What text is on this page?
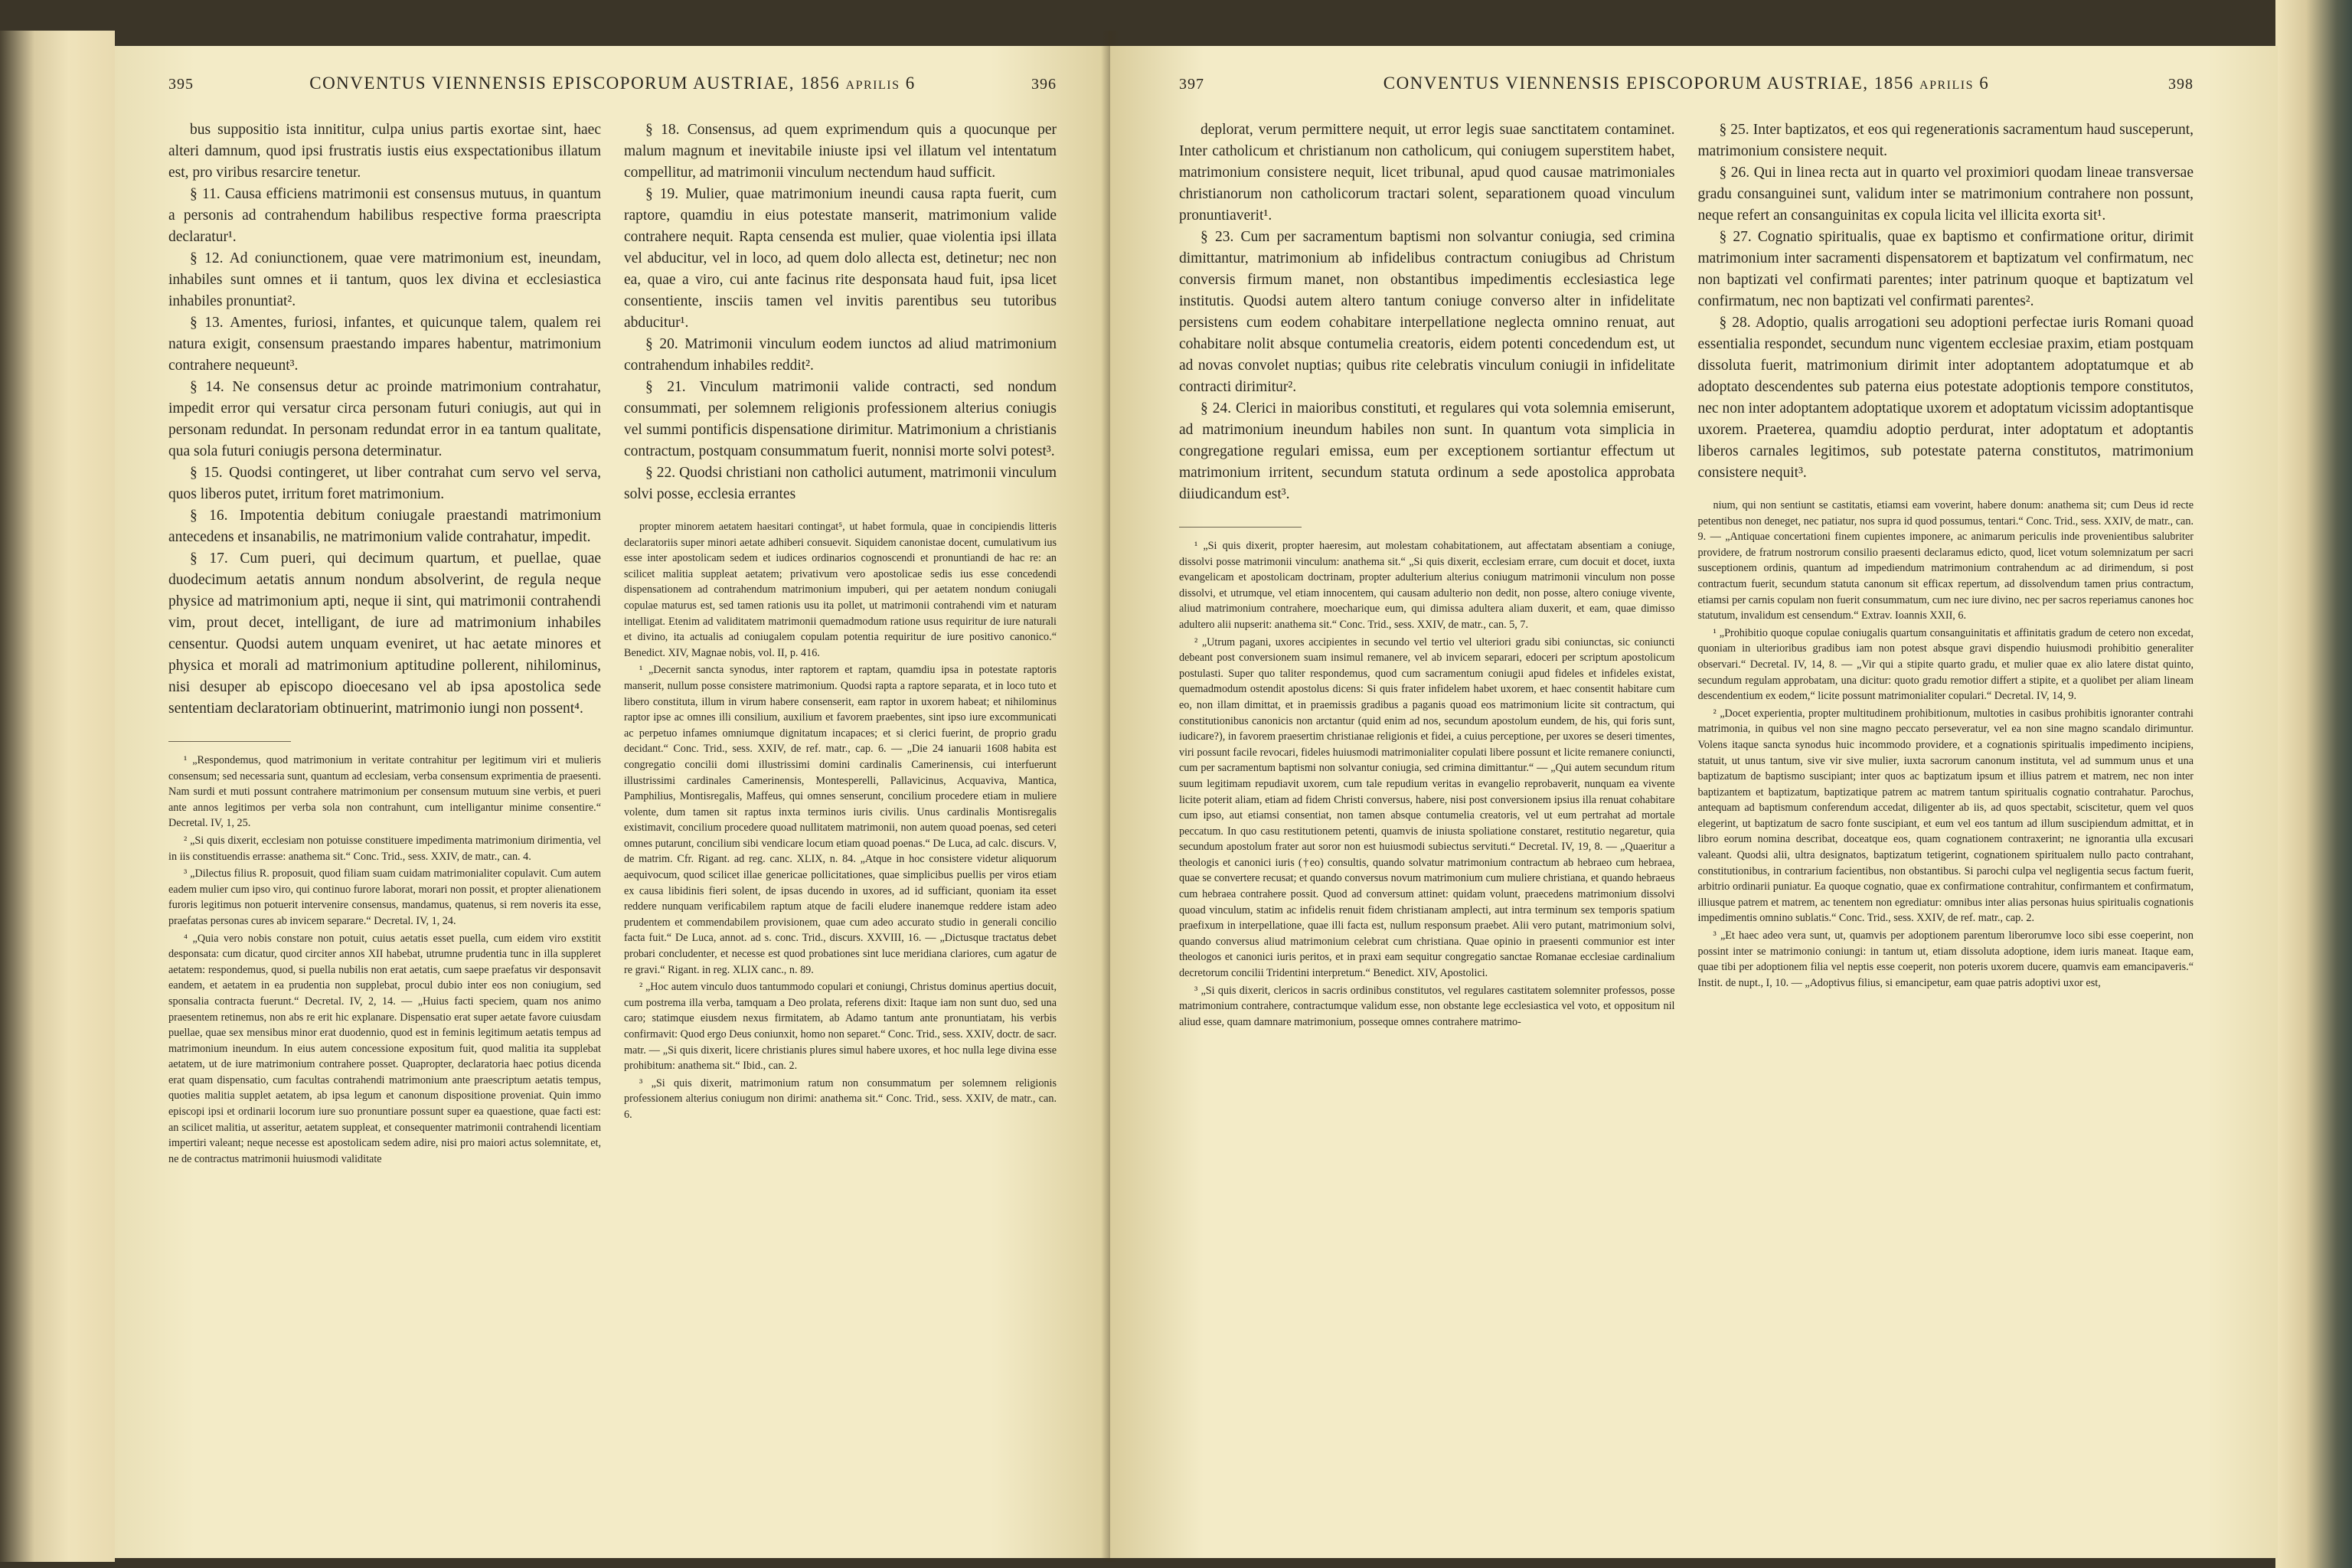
395	CONVENTUS VIENNENSIS EPISCOPORUM AUSTRIAE, 1856 aprilis 6	396

bus suppositio ista innititur, culpa unius partis exortae sint, haec alteri damnum, quod ipsi frustratis iustis eius exspectationibus illatum est, pro viribus resarcire tenetur.

§ 11. Causa efficiens matrimonii est consensus mutuus, in quantum a personis ad contrahendum habilibus respective forma praescripta declaratur¹.

§ 12. Ad coniunctionem, quae vere matrimonium est, ineundam, inhabiles sunt omnes et ii tantum, quos lex divina et ecclesiastica inhabiles pronuntiat².

§ 13. Amentes, furiosi, infantes, et quicunque talem, qualem rei natura exigit, consensum praestando impares habentur, matrimonium contrahere nequeunt³.

§ 14. Ne consensus detur ac proinde matrimonium contrahatur, impedit error qui versatur circa personam futuri coniugis, aut qui in personam redundat. In personam redundat error in ea tantum qualitate, qua sola futuri coniugis persona determinatur.

§ 15. Quodsi contingeret, ut liber contrahat cum servo vel serva, quos liberos putet, irritum foret matrimonium.

§ 16. Impotentia debitum coniugale praestandi matrimonium antecedens et insanabilis, ne matrimonium valide contrahatur, impedit.

§ 17. Cum pueri, qui decimum quartum, et puellae, quae duodecimum aetatis annum nondum absolverint, de regula neque physice ad matrimonium apti, neque ii sint, qui matrimonii contrahendi vim, prout decet, intelligant, de iure ad matrimonium inhabiles censentur. Quodsi autem unquam eveniret, ut hac aetate minores et physica et morali ad matrimonium aptitudine pollerent, nihilominus, nisi desuper ab episcopo dioecesano vel ab ipsa apostolica sede sententiam declaratoriam obtinuerint, matrimonio iungi non possent⁴.

¹ „Respondemus, quod matrimonium in veritate contrahitur per legitimum viri et mulieris consensum; sed necessaria sunt, quantum ad ecclesiam, verba consensum exprimentia de praesenti. Nam surdi et muti possunt contrahere matrimonium per consensum mutuum sine verbis, et pueri ante annos legitimos per verba sola non contrahunt, cum intelligantur minime consentire.“ Decretal. IV, 1, 25.

² „Si quis dixerit, ecclesiam non potuisse constituere impedimenta matrimonium dirimentia, vel in iis constituendis errasse: anathema sit.“ Conc. Trid., sess. XXIV, de matr., can. 4.

³ „Dilectus filius R. proposuit, quod filiam suam cuidam matrimonialiter copulavit. Cum autem eadem mulier cum ipso viro, qui continuo furore laborat, morari non possit, et propter alienationem furoris legitimus non potuerit intervenire consensus, mandamus, quatenus, si rem noveris ita esse, praefatas personas cures ab invicem separare.“ Decretal. IV, 1, 24.

⁴ „Quia vero nobis constare non potuit, cuius aetatis esset puella, cum eidem viro exstitit desponsata: cum dicatur, quod circiter annos XII habebat, utrumne prudentia tunc in illa suppleret aetatem: respondemus, quod, si puella nubilis non erat aetatis, cum saepe praefatus vir desponsavit eandem, et aetatem in ea prudentia non supplebat, procul dubio inter eos non coniugium, sed sponsalia contracta fuerunt.“ Decretal. IV, 2, 14. — „Huius facti speciem, quam nos animo praesentem retinemus, non abs re erit hic explanare. Dispensatio erat super aetate favore cuiusdam puellae, quae sex mensibus minor erat duodennio, quod est in feminis legitimum aetatis tempus ad matrimonium ineundum. In eius autem concessione expositum fuit, quod malitia ita supplebat aetatem, ut de iure matrimonium contrahere posset. Quapropter, declaratoria haec potius dicenda erat quam dispensatio, cum facultas contrahendi matrimonium ante praescriptum aetatis tempus, quoties malitia supplet aetatem, ab ipsa legum et canonum dispositione proveniat. Quin immo episcopi ipsi et ordinarii locorum iure suo pronuntiare possunt super ea quaestione, quae facti est: an scilicet malitia, ut asseritur, aetatem suppleat, et consequenter matrimonii contrahendi licentiam impertiri valeant; neque necesse est apostolicam sedem adire, nisi pro maiori actus solemnitate, et, ne de contractus matrimonii huiusmodi validitate

§ 18. Consensus, ad quem exprimendum quis a quocunque per malum magnum et inevitabile iniuste ipsi vel illatum vel intentatum compellitur, ad matrimonii vinculum nectendum haud sufficit.

§ 19. Mulier, quae matrimonium ineundi causa rapta fuerit, cum raptore, quamdiu in eius potestate manserit, matrimonium valide contrahere nequit. Rapta censenda est mulier, quae violentia ipsi illata vel abducitur, vel in loco, ad quem dolo allecta est, detinetur; nec non ea, quae a viro, cui ante facinus rite desponsata haud fuit, ipsa licet consentiente, insciis tamen vel invitis parentibus seu tutoribus abducitur¹.

§ 20. Matrimonii vinculum eodem iunctos ad aliud matrimonium contrahendum inhabiles reddit².

§ 21. Vinculum matrimonii valide contracti, sed nondum consummati, per solemnem religionis professionem alterius coniugis vel summi pontificis dispensatione dirimitur. Matrimonium a christianis contractum, postquam consummatum fuerit, nonnisi morte solvi potest³.

§ 22. Quodsi christiani non catholici autument, matrimonii vinculum solvi posse, ecclesia errantes

propter minorem aetatem haesitari contingat⁵, ut habet formula, quae in concipiendis litteris declaratoriis super minori aetate adhiberi consuevit. Siquidem canonistae docent, cumulativum ius esse inter apostolicam sedem et iudices ordinarios cognoscendi et pronuntiandi de hac re: an scilicet malitia suppleat aetatem; privativum vero apostolicae sedis ius esse concedendi dispensationem ad contrahendum matrimonium impuberi, qui per aetatem nondum coniugali copulae maturus est, sed tamen rationis usu ita pollet, ut matrimonii contrahendi vim et naturam intelligat. Etenim ad validitatem matrimonii quemadmodum ratione usus requiritur de iure naturali et divino, ita actualis ad coniugalem copulam potentia requiritur de iure positivo canonico.“ Benedict. XIV, Magnae nobis, vol. II, p. 416.

¹ „Decernit sancta synodus, inter raptorem et raptam, quamdiu ipsa in potestate raptoris manserit, nullum posse consistere matrimonium. Quodsi rapta a raptore separata, et in loco tuto et libero constituta, illum in virum habere consenserit, eam raptor in uxorem habeat; et nihilominus raptor ipse ac omnes illi consilium, auxilium et favorem praebentes, sint ipso iure excommunicati ac perpetuo infames omniumque dignitatum incapaces; et si clerici fuerint, de proprio gradu decidant.“ Conc. Trid., sess. XXIV, de ref. matr., cap. 6. — „Die 24 ianuarii 1608 habita est congregatio concilii domi illustrissimi domini cardinalis Camerinensis, cui interfuerunt illustrissimi cardinales Camerinensis, Montesperelli, Pallavicinus, Acquaviva, Mantica, Pamphilius, Montisregalis, Maffeus, qui omnes senserunt, concilium procedere etiam in muliere volente, dum tamen sit raptus inxta terminos iuris civilis. Unus cardinalis Montisregalis existimavit, concilium procedere quoad nullitatem matrimonii, non autem quoad poenas, sed ceteri omnes putarunt, concilium sibi vendicare locum etiam quoad poenas.“ De Luca, ad calc. discurs. V, de matrim. Cfr. Rigant. ad reg. canc. XLIX, n. 84. „Atque in hoc consistere videtur aliquorum aequivocum, quod scilicet illae genericae pollicitationes, quae simplicibus puellis per viros etiam ex causa libidinis fieri solent, de ipsas ducendo in uxores, ad id sufficiant, quoniam ita esset reddere nunquam verificabilem raptum atque de facili eludere inanemque reddere istam adeo prudentem et commendabilem provisionem, quae cum adeo accurato studio in generali concilio facta fuit.“ De Luca, annot. ad s. conc. Trid., discurs. XXVIII, 16. — „Dictusque tractatus debet probari concludenter, et necesse est quod probationes sint luce meridiana clariores, cum agatur de re gravi.“ Rigant. in reg. XLIX canc., n. 89.

² „Hoc autem vinculo duos tantummodo copulari et coniungi, Christus dominus apertius docuit, cum postrema illa verba, tamquam a Deo prolata, referens dixit: Itaque iam non sunt duo, sed una caro; statimque eiusdem nexus firmitatem, ab Adamo tantum ante pronuntiatam, his verbis confirmavit: Quod ergo Deus coniunxit, homo non separet.“ Conc. Trid., sess. XXIV, doctr. de sacr. matr. — „Si quis dixerit, licere christianis plures simul habere uxores, et hoc nulla lege divina esse prohibitum: anathema sit.“ Ibid., can. 2.

³ „Si quis dixerit, matrimonium ratum non consummatum per solemnem religionis professionem alterius coniugum non dirimi: anathema sit.“ Conc. Trid., sess. XXIV, de matr., can. 6.

397	CONVENTUS VIENNENSIS EPISCOPORUM AUSTRIAE, 1856 aprilis 6	398

deplorat, verum permittere nequit, ut error legis suae sanctitatem contaminet. Inter catholicum et christianum non catholicum, qui coniugem superstitem habet, matrimonium consistere nequit, licet tribunal, apud quod causae matrimoniales christianorum non catholicorum tractari solent, separationem quoad vinculum pronuntiaverit¹.

§ 23. Cum per sacramentum baptismi non solvantur coniugia, sed crimina dimittantur, matrimonium ab infidelibus contractum coniugibus ad Christum conversis firmum manet, non obstantibus impedimentis ecclesiastica lege institutis. Quodsi autem altero tantum coniuge converso alter in infidelitate persistens cum eodem cohabitare interpellatione neglecta omnino renuat, aut cohabitare nolit absque contumelia creatoris, eidem potenti concedendum est, ut ad novas convolet nuptias; quibus rite celebratis vinculum coniugii in infidelitate contracti dirimitur².

§ 24. Clerici in maioribus constituti, et regulares qui vota solemnia emiserunt, ad matrimonium ineundum habiles non sunt. In quantum vota simplicia in congregatione regulari emissa, eum per exceptionem sortiantur effectum ut matrimonium irritent, secundum statuta ordinum a sede apostolica approbata diiudicandum est³.

¹ „Si quis dixerit, propter haeresim, aut molestam cohabitationem, aut affectatam absentiam a coniuge, dissolvi posse matrimonii vinculum: anathema sit.“ „Si quis dixerit, ecclesiam errare, cum docuit et docet, iuxta evangelicam et apostolicam doctrinam, propter adulterium alterius coniugum matrimonii vinculum non posse dissolvi, et utrumque, vel etiam innocentem, qui causam adulterio non dedit, non posse, altero coniuge vivente, aliud matrimonium contrahere, moecharique eum, qui dimissa adultera aliam duxerit, et eam, quae dimisso adultero alii nupserit: anathema sit.“ Conc. Trid., sess. XXIV, de matr., can. 5, 7.

² „Utrum pagani, uxores accipientes in secundo vel tertio vel ulteriori gradu sibi coniunctas, sic coniuncti debeant post conversionem suam insimul remanere, vel ab invicem separari, edoceri per scriptum apostolicum postulasti. Super quo taliter respondemus, quod cum sacramentum coniugii apud fideles et infideles existat, quemadmodum ostendit apostolus dicens: Si quis frater infidelem habet uxorem, et haec consentit habitare cum eo, non illam dimittat, et in praemissis gradibus a paganis quoad eos matrimonium licite sit contractum, qui constitutionibus canonicis non arctantur (quid enim ad nos, secundum apostolum eundem, de his, qui foris sunt, iudicare?), in favorem praesertim christianae religionis et fidei, a cuius perceptione, per uxores se deseri timentes, viri possunt facile revocari, fideles huiusmodi matrimonialiter copulati libere possunt et licite remanere coniuncti, cum per sacramentum baptismi non solvantur coniugia, sed crimina dimittantur.“ — „Qui autem secundum ritum suum legitimam repudiavit uxorem, cum tale repudium veritas in evangelio reprobaverit, nunquam ea vivente licite poterit aliam, etiam ad fidem Christi conversus, habere, nisi post conversionem ipsius illa renuat cohabitare cum ipso, aut etiamsi consentiat, non tamen absque contumelia creatoris, vel ut eum pertrahat ad mortale peccatum. In quo casu restitutionem petenti, quamvis de iniusta spoliatione constaret, restitutio negaretur, quia secundum apostolum frater aut soror non est huiusmodi subiectus servituti.“ Decretal. IV, 19, 8. — „Quaeritur a theologis et canonici iuris (†eo) consultis, quando solvatur matrimonium contractum ab hebraeo cum hebraea, quae se convertere recusat; et quando conversus novum matrimonium cum muliere christiana, et quando hebraeus cum hebraea contrahere possit. Quod ad conversum attinet: quidam volunt, praecedens matrimonium dissolvi quoad vinculum, statim ac infidelis renuit fidem christianam amplecti, aut intra terminum sex temporis spatium praefixum in interpellatione, quae illi facta est, nullum responsum praebet. Alii vero putant, matrimonium solvi, quando conversus aliud matrimonium celebrat cum christiana. Quae opinio in praesenti communior est inter theologos et canonici iuris peritos, et in praxi eam sequitur congregatio sanctae Romanae ecclesiae cardinalium decretorum concilii Tridentini interpretum.“ Benedict. XIV, Apostolici.

³ „Si quis dixerit, clericos in sacris ordinibus constitutos, vel regulares castitatem solemniter professos, posse matrimonium contrahere, contractumque validum esse, non obstante lege ecclesiastica vel voto, et oppositum nil aliud esse, quam damnare matrimonium, posseque omnes contrahere matrimo-

§ 25. Inter baptizatos, et eos qui regenerationis sacramentum haud susceperunt, matrimonium consistere nequit.

§ 26. Qui in linea recta aut in quarto vel proximiori quodam lineae transversae gradu consanguinei sunt, validum inter se matrimonium contrahere non possunt, neque refert an consanguinitas ex copula licita vel illicita exorta sit¹.

§ 27. Cognatio spiritualis, quae ex baptismo et confirmatione oritur, dirimit matrimonium inter sacramenti dispensatorem et baptizatum vel confirmatum, nec non baptizati vel confirmati parentes; inter patrinum quoque et baptizatum vel confirmatum, nec non baptizati vel confirmati parentes².

§ 28. Adoptio, qualis arrogationi seu adoptioni perfectae iuris Romani quoad essentialia respondet, secundum nunc vigentem ecclesiae praxim, etiam postquam dissoluta fuerit, matrimonium dirimit inter adoptantem adoptatumque et ab adoptato descendentes sub paterna eius potestate adoptionis tempore constitutos, nec non inter adoptantem adoptatique uxorem et adoptatum vicissim adoptantisque uxorem. Praeterea, quamdiu adoptio perdurat, inter adoptatum et adoptantis liberos carnales legitimos, sub potestate paterna constitutos, matrimonium consistere nequit³.

nium, qui non sentiunt se castitatis, etiamsi eam voverint, habere donum: anathema sit; cum Deus id recte petentibus non deneget, nec patiatur, nos supra id quod possumus, tentari.“ Conc. Trid., sess. XXIV, de matr., can. 9. — „Antiquae concertationi finem cupientes imponere, ac animarum periculis inde provenientibus salubriter providere, de fratrum nostrorum consilio praesenti declaramus edicto, quod, licet votum solemnizatum per sacri susceptionem ordinis, quantum ad impediendum matrimonium contrahendum ac ad dirimendum, si post contractum fuerit, secundum statuta canonum sit efficax repertum, ad dissolvendum tamen prius contractum, etiamsi per carnis copulam non fuerit consummatum, cum nec iure divino, nec per sacros reperiamus canones hoc statutum, invalidum est censendum.“ Extrav. Ioannis XXII, 6.

¹ „Prohibitio quoque copulae coniugalis quartum consanguinitatis et affinitatis gradum de cetero non excedat, quoniam in ulterioribus gradibus iam non potest absque gravi dispendio huiusmodi prohibitio generaliter observari.“ Decretal. IV, 14, 8. — „Vir qui a stipite quarto gradu, et mulier quae ex alio latere distat quinto, secundum regulam approbatam, una dicitur: quoto gradu remotior differt a stipite, et a quolibet per aliam lineam descendentium ex eodem,“ licite possunt matrimonialiter copulari.“ Decretal. IV, 14, 9.

² „Docet experientia, propter multitudinem prohibitionum, multoties in casibus prohibitis ignoranter contrahi matrimonia, in quibus vel non sine magno peccato perseveratur, vel ea non sine magno scandalo dirimuntur. Volens itaque sancta synodus huic incommodo providere, et a cognationis spiritualis impedimento incipiens, statuit, ut unus tantum, sive vir sive mulier, iuxta sacrorum canonum instituta, vel ad summum unus et una baptizatum de baptismo suscipiant; inter quos ac baptizatum ipsum et illius patrem et matrem, nec non inter baptizantem et baptizatum, baptizatique patrem ac matrem tantum spiritualis cognatio contrahatur. Parochus, antequam ad baptismum conferendum accedat, diligenter ab iis, ad quos spectabit, sciscitetur, quem vel quos elegerint, ut baptizatum de sacro fonte suscipiant, et eum vel eos tantum ad illum suscipiendum admittat, et in libro eorum nomina describat, doceatque eos, quam cognationem contraxerint; ne ignorantia ulla excusari valeant. Quodsi alii, ultra designatos, baptizatum tetigerint, cognationem spiritualem nullo pacto contrahant, constitutionibus, in contrarium facientibus, non obstantibus. Si parochi culpa vel negligentia secus factum fuerit, arbitrio ordinarii puniatur. Ea quoque cognatio, quae ex confirmatione contrahitur, confirmantem et confirmatum, illiusque patrem et matrem, ac tenentem non egrediatur: omnibus inter alias personas huius spiritualis cognationis impedimentis omnino sublatis.“ Conc. Trid., sess. XXIV, de ref. matr., cap. 2.

³ „Et haec adeo vera sunt, ut, quamvis per adoptionem parentum liberorumve loco sibi esse coeperint, non possint inter se matrimonio coniungi: in tantum ut, etiam dissoluta adoptione, idem iuris maneat. Itaque eam, quae tibi per adoptionem filia vel neptis esse coeperit, non poteris uxorem ducere, quamvis eam emancipaveris.“ Instit. de nupt., I, 10. — „Adoptivus filius, si emancipetur, eam quae patris adoptivi uxor est,
